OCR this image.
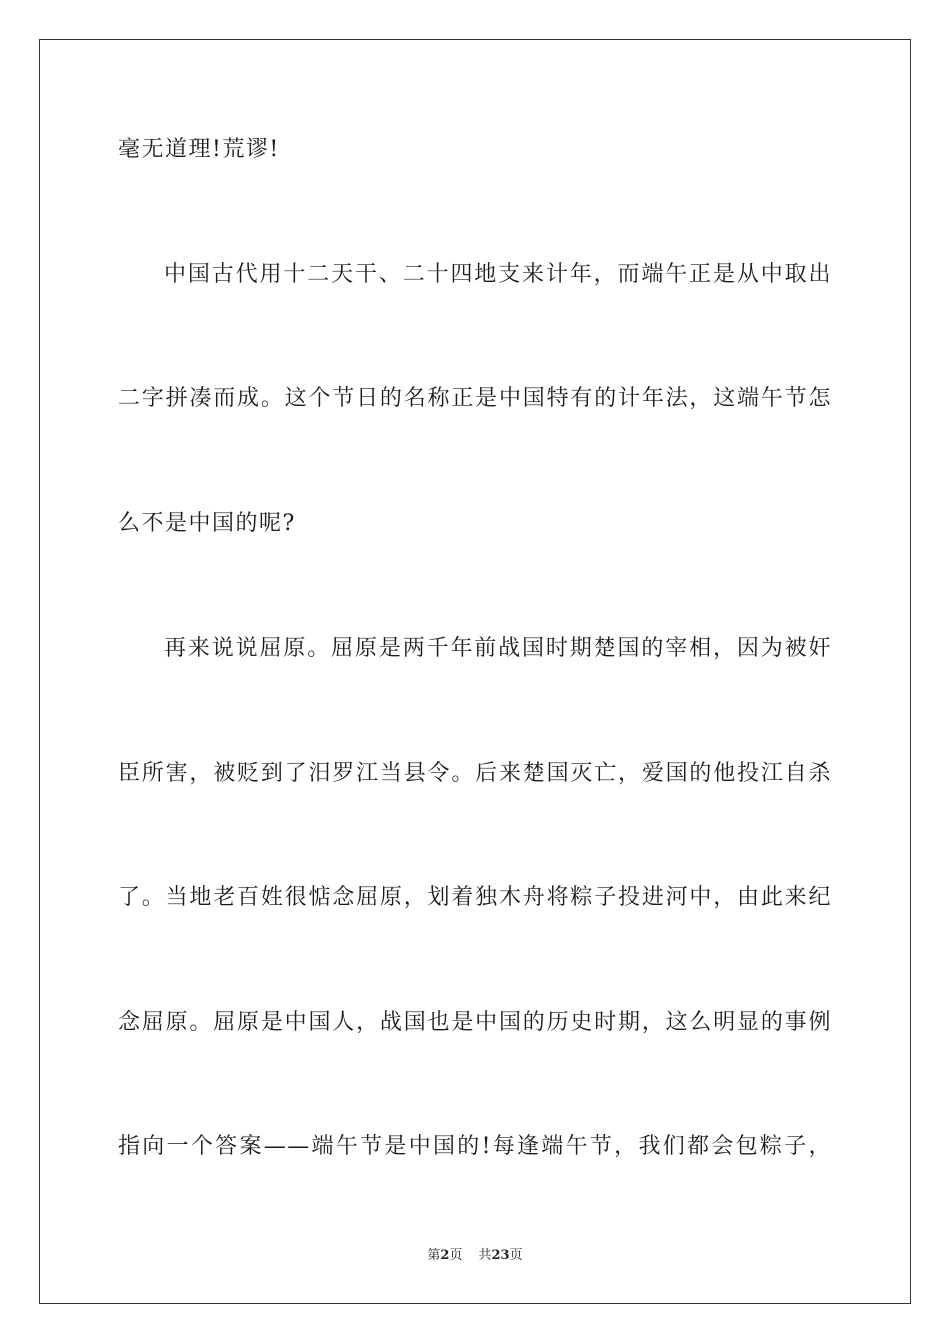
毫无道理!荒谬!
中国古代用十二天干、二十四地支来计年，而端午正是从中取出
二字拼凑而成。这个节日的名称正是中国特有的计年法，这端午节怎
么不是中国的呢?
再来说说屈原。屈原是两千年前战国时期楚国的宰相，因为被奸
臣所害，被贬到了汨罗江当县令。后来楚国灭亡，爱国的他投江自杀
了。当地老百姓很惦念屈原，划着独木舟将粽子投进河中，由此来纪
念屈原。屈原是中国人，战国也是中国的历史时期，这么明显的事例
指向一个答案——端午节是中国的!每逢端午节，我们都会包粽子，
第2页 共23页
